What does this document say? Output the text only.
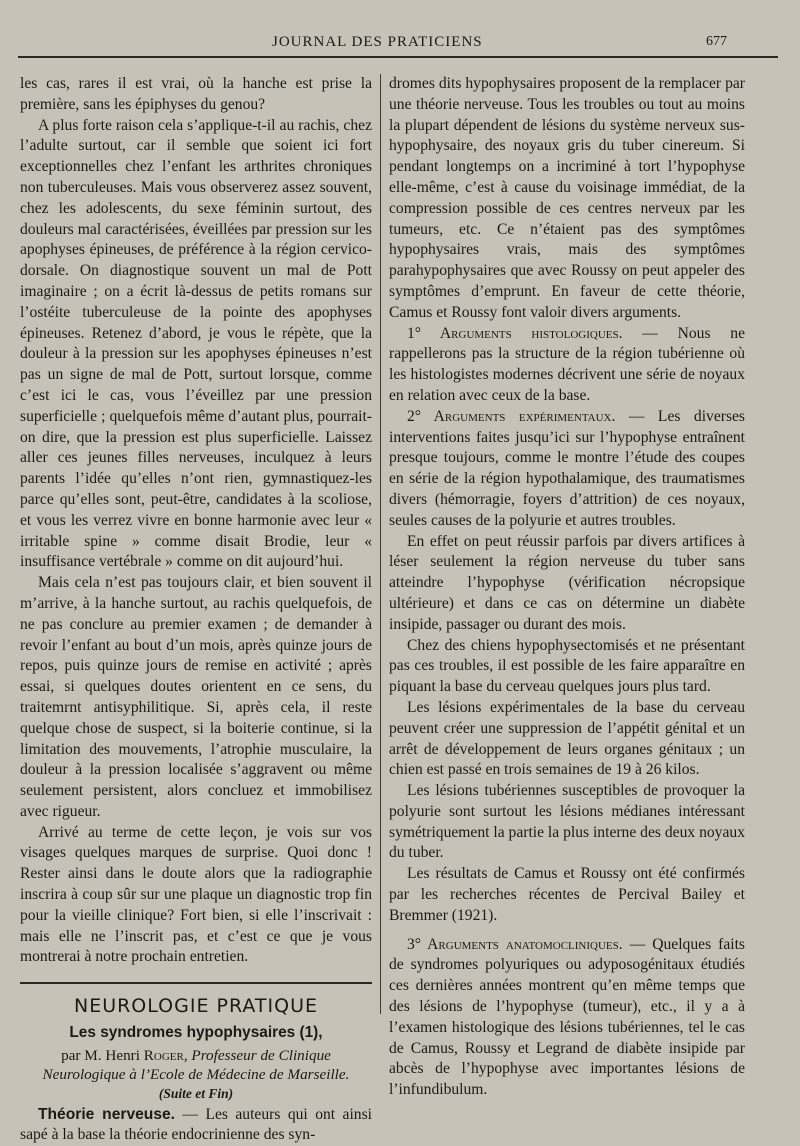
JOURNAL DES PRATICIENS	677

les cas, rares il est vrai, où la hanche est prise la première, sans les épiphyses du genou?

A plus forte raison cela s’applique-t-il au rachis, chez l’adulte surtout, car il semble que soient ici fort exceptionnelles chez l’enfant les arthrites chroniques non tuberculeuses. Mais vous observerez assez souvent, chez les adolescents, du sexe féminin surtout, des douleurs mal caractérisées, éveillées par pression sur les apophyses épineuses, de préférence à la région cervico-dorsale. On diagnostique souvent un mal de Pott imaginaire ; on a écrit là-dessus de petits romans sur l’ostéite tuberculeuse de la pointe des apophyses épineuses. Retenez d’abord, je vous le répète, que la douleur à la pression sur les apophyses épineuses n’est pas un signe de mal de Pott, surtout lorsque, comme c’est ici le cas, vous l’éveillez par une pression superficielle ; quelquefois même d’autant plus, pourrait-on dire, que la pression est plus superficielle. Laissez aller ces jeunes filles nerveuses, inculquez à leurs parents l’idée qu’elles n’ont rien, gymnastiquez-les parce qu’elles sont, peut-être, candidates à la scoliose, et vous les verrez vivre en bonne harmonie avec leur « irritable spine » comme disait Brodie, leur « insuffisance vertébrale » comme on dit aujourd’hui.

Mais cela n’est pas toujours clair, et bien souvent il m’arrive, à la hanche surtout, au rachis quelquefois, de ne pas conclure au premier examen ; de demander à revoir l’enfant au bout d’un mois, après quinze jours de repos, puis quinze jours de remise en activité ; après essai, si quelques doutes orientent en ce sens, du traitemrnt antisyphilitique. Si, après cela, il reste quelque chose de suspect, si la boiterie continue, si la limitation des mouvements, l’atrophie musculaire, la douleur à la pression localisée s’aggravent ou même seulement persistent, alors concluez et immobilisez avec rigueur.

Arrivé au terme de cette leçon, je vois sur vos visages quelques marques de surprise. Quoi donc ! Rester ainsi dans le doute alors que la radiographie inscrira à coup sûr sur une plaque un diagnostic trop fin pour la vieille clinique? Fort bien, si elle l’inscrivait : mais elle ne l’inscrit pas, et c’est ce que je vous montrerai à notre prochain entretien.

NEUROLOGIE PRATIQUE
Les syndromes hypophysaires (1),
par M. Henri Roger, Professeur de Clinique Neurologique à l’Ecole de Médecine de Marseille.
(Suite et Fin)

Théorie nerveuse. — Les auteurs qui ont ainsi sapé à la base la théorie endocrinienne des syn-

dromes dits hypophysaires proposent de la remplacer par une théorie nerveuse. Tous les troubles ou tout au moins la plupart dépendent de lésions du système nerveux sus-hypophysaire, des noyaux gris du tuber cinereum. Si pendant longtemps on a incriminé à tort l’hypophyse elle-même, c’est à cause du voisinage immédiat, de la compression possible de ces centres nerveux par les tumeurs, etc. Ce n’étaient pas des symptômes hypophysaires vrais, mais des symptômes parahypophysaires que avec Roussy on peut appeler des symptômes d’emprunt. En faveur de cette théorie, Camus et Roussy font valoir divers arguments.

1° Arguments histologiques. — Nous ne rappellerons pas la structure de la région tubérienne où les histologistes modernes décrivent une série de noyaux en relation avec ceux de la base.

2° Arguments expérimentaux. — Les diverses interventions faites jusqu’ici sur l’hypophyse entraînent presque toujours, comme le montre l’étude des coupes en série de la région hypothalamique, des traumatismes divers (hémorragie, foyers d’attrition) de ces noyaux, seules causes de la polyurie et autres troubles.

En effet on peut réussir parfois par divers artifices à léser seulement la région nerveuse du tuber sans atteindre l’hypophyse (vérification nécropsique ultérieure) et dans ce cas on détermine un diabète insipide, passager ou durant des mois.

Chez des chiens hypophysectomisés et ne présentant pas ces troubles, il est possible de les faire apparaître en piquant la base du cerveau quelques jours plus tard.

Les lésions expérimentales de la base du cerveau peuvent créer une suppression de l’appétit génital et un arrêt de développement de leurs organes génitaux ; un chien est passé en trois semaines de 19 à 26 kilos.

Les lésions tubériennes susceptibles de provoquer la polyurie sont surtout les lésions médianes intéressant symétriquement la partie la plus interne des deux noyaux du tuber.

Les résultats de Camus et Roussy ont été confirmés par les recherches récentes de Percival Bailey et Bremmer (1921).

3° Arguments anatomocliniques. — Quelques faits de syndromes polyuriques ou adyposogénitaux étudiés ces dernières années montrent qu’en même temps que des lésions de l’hypophyse (tumeur), etc., il y a à l’examen histologique des lésions tubériennes, tel le cas de Camus, Roussy et Legrand de diabète insipide par abcès de l’hypophyse avec importantes lésions de l’infundibulum.
